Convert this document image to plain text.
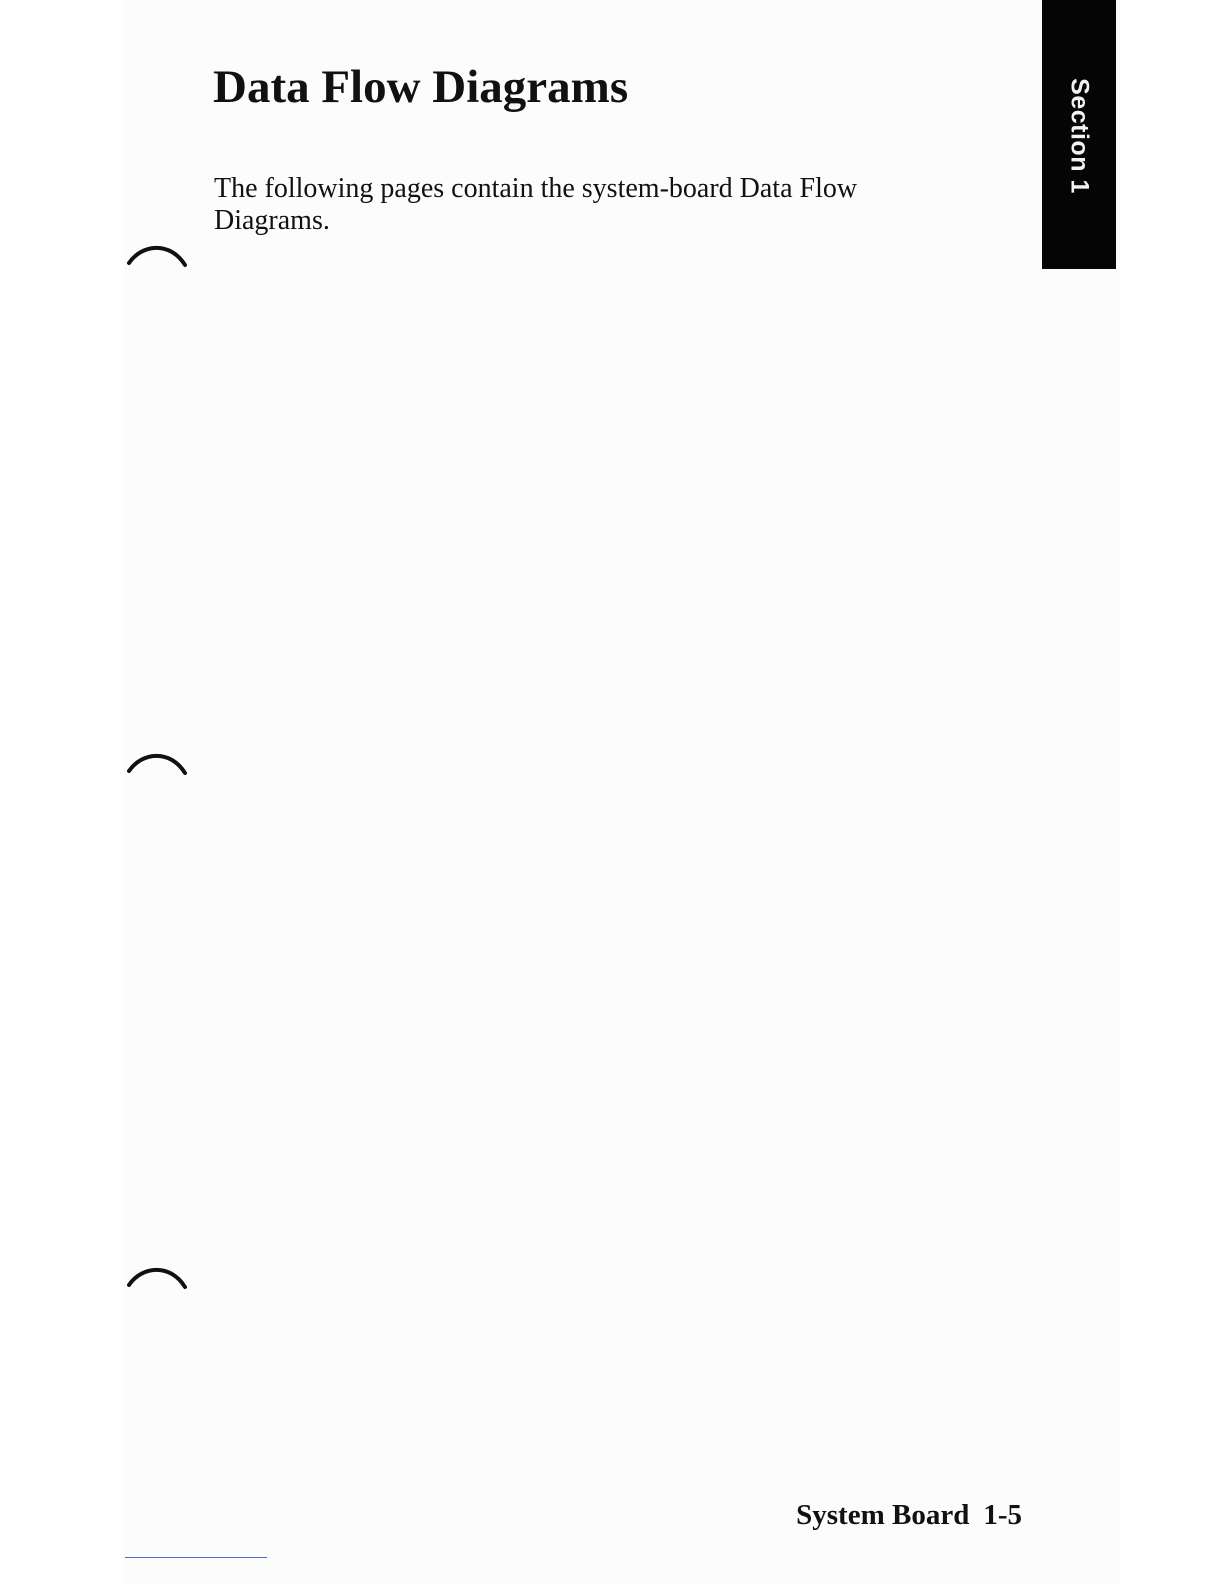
Data Flow Diagrams

The following pages contain the system-board Data Flow Diagrams.

Section 1

System Board 1-5
